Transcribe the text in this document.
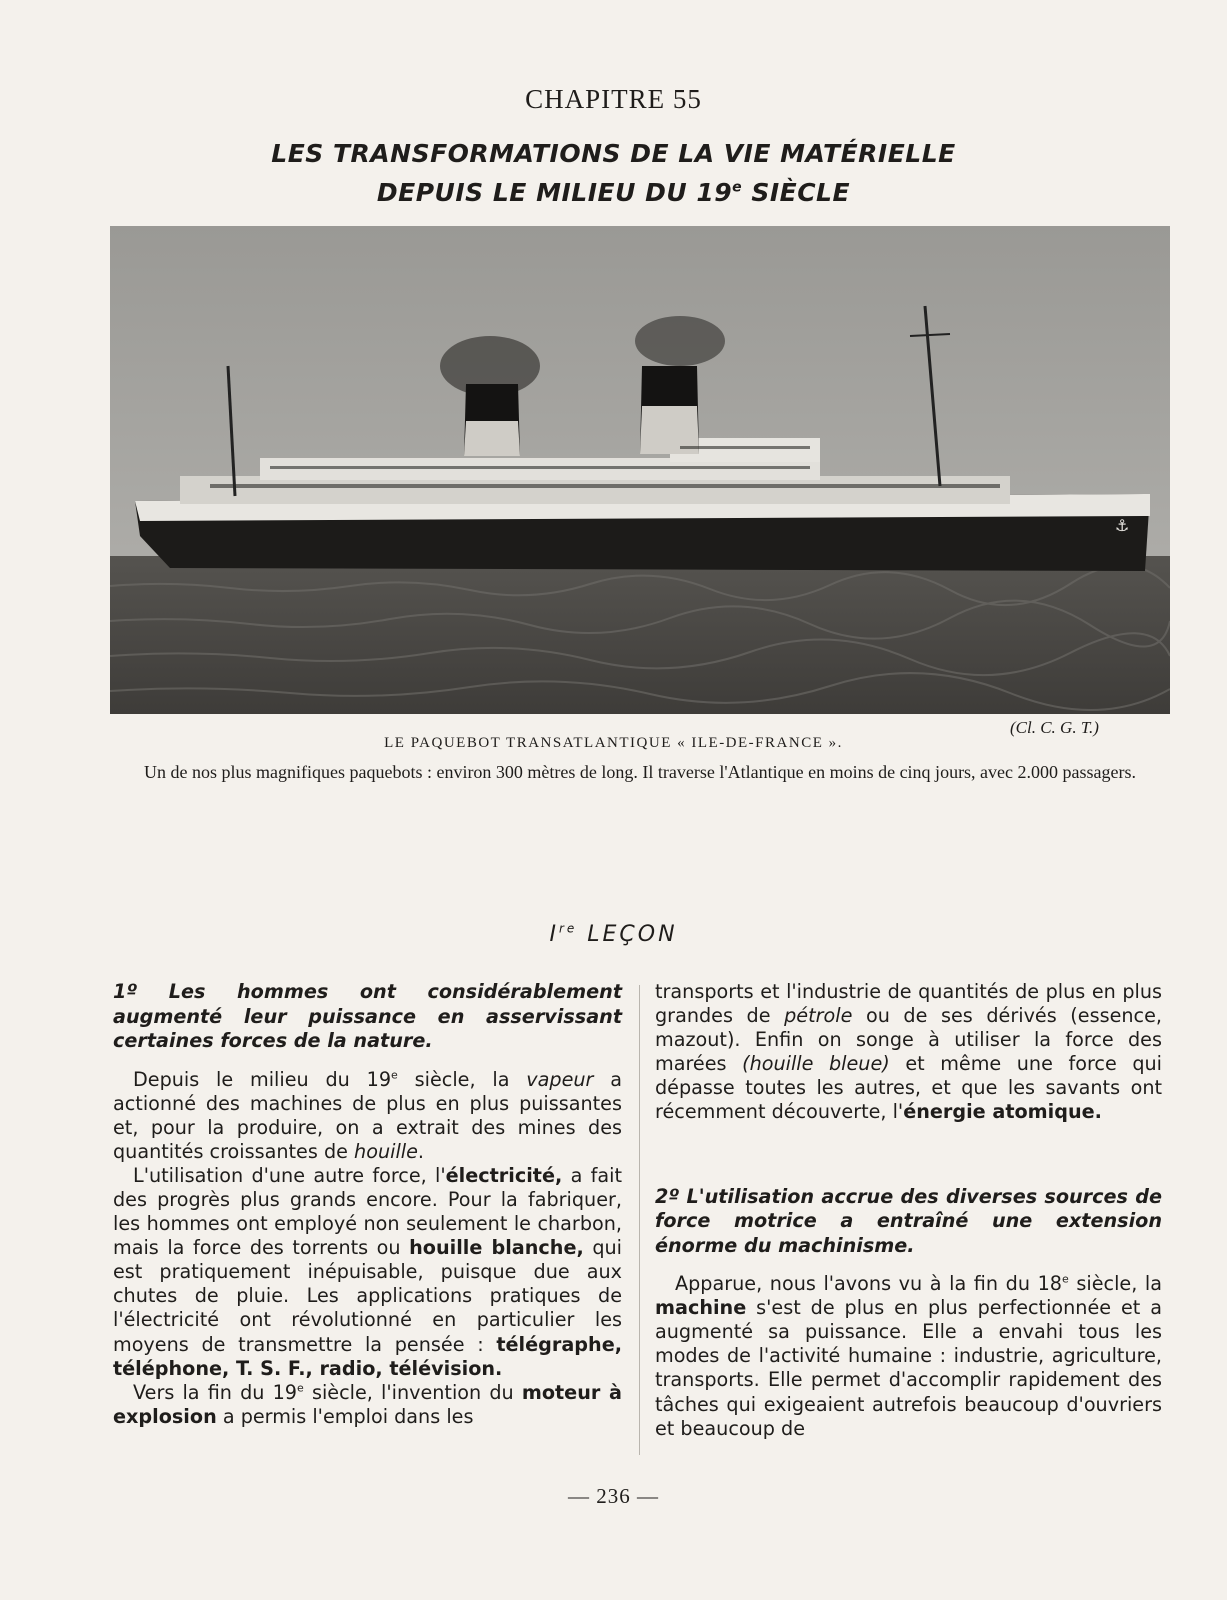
CHAPITRE 55
LES TRANSFORMATIONS DE LA VIE MATÉRIELLE
DEPUIS LE MILIEU DU 19e SIÈCLE
⚓
(Cl. C. G. T.)
LE PAQUEBOT TRANSATLANTIQUE « ILE-DE-FRANCE ».
Un de nos plus magnifiques paquebots : environ 300 mètres de long. Il traverse l'Atlantique en moins de cinq jours, avec 2.000 passagers.
Ire LEÇON
1º Les hommes ont considérablement augmenté leur puissance en asservissant certaines forces de la nature.

Depuis le milieu du 19e siècle, la vapeur a actionné des machines de plus en plus puissantes et, pour la produire, on a extrait des mines des quantités croissantes de houille.

L'utilisation d'une autre force, l'électricité, a fait des progrès plus grands encore. Pour la fabriquer, les hommes ont employé non seulement le charbon, mais la force des torrents ou houille blanche, qui est pratiquement inépuisable, puisque due aux chutes de pluie. Les applications pratiques de l'électricité ont révolutionné en particulier les moyens de transmettre la pensée : télégraphe, téléphone, T. S. F., radio, télévision.

Vers la fin du 19e siècle, l'invention du moteur à explosion a permis l'emploi dans les

transports et l'industrie de quantités de plus en plus grandes de pétrole ou de ses dérivés (essence, mazout). Enfin on songe à utiliser la force des marées (houille bleue) et même une force qui dépasse toutes les autres, et que les savants ont récemment découverte, l'énergie atomique.

2º L'utilisation accrue des diverses sources de force motrice a entraîné une extension énorme du machinisme.

Apparue, nous l'avons vu à la fin du 18e siècle, la machine s'est de plus en plus perfectionnée et a augmenté sa puissance. Elle a envahi tous les modes de l'activité humaine : industrie, agriculture, transports. Elle permet d'accomplir rapidement des tâches qui exigeaient autrefois beaucoup d'ouvriers et beaucoup de

— 236 —
